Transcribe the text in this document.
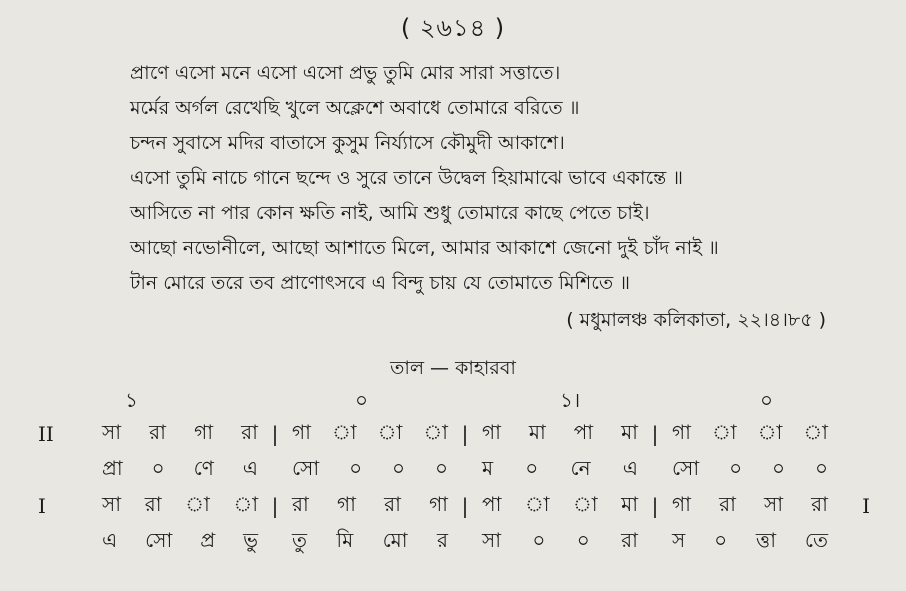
( ২৬১৪ )
প্রাণে এসো মনে এসো এসো প্রভু তুমি মোর সারা সত্তাতে।
মর্মের অর্গল রেখেছি খুলে অক্লেশে অবাধে তোমারে বরিতে ॥
চন্দন সুবাসে মদির বাতাসে কুসুম নির্য্যাসে কৌমুদী আকাশে।
এসো তুমি নাচে গানে ছন্দে ও সুরে তানে উদ্বেল হিয়ামাঝে ভাবে একান্তে ॥
আসিতে না পার কোন ক্ষতি নাই, আমি শুধু তোমারে কাছে পেতে চাই।
আছো নভোনীলে, আছো আশাতে মিলে, আমার আকাশে জেনো দুই চাঁদ নাই ॥
টান মোরে তরে তব প্রাণোৎসবে এ বিন্দু চায় যে তোমাতে মিশিতে ॥
( মধুমালঞ্চ কলিকাতা, ২২।৪।৮৫ )
তাল — কাহারবা
১	০	১।	০
II	সা রা গা রা | গা া া া | গা মা পা মা | গা া া া
প্রা ০ ণে এ সো ০ ০ ০ ম ০ নে এ সো ০ ০ ০
I	সা রা া া | রা গা রা গা | পা া া মা | গা রা সা রা	I
এ সো প্র ভু তু মি মো র সা ০ ০ রা স ০ ত্তা তে
